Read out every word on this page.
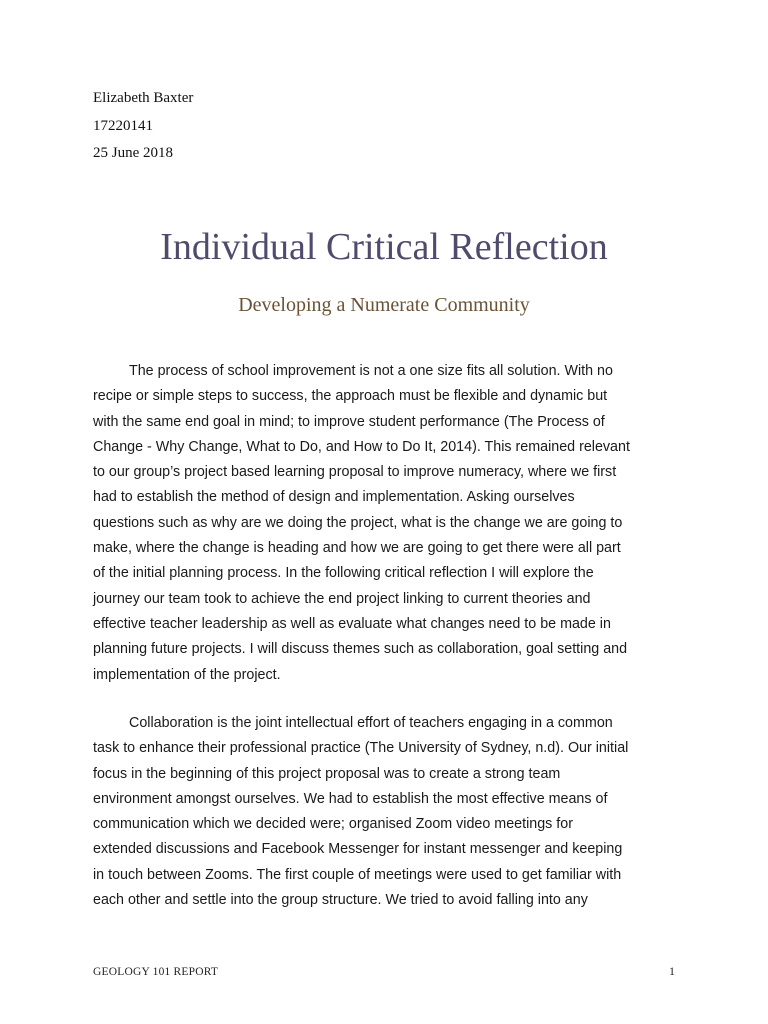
Elizabeth Baxter
17220141
25 June 2018
Individual Critical Reflection
Developing a Numerate Community
The process of school improvement is not a one size fits all solution. With no
recipe or simple steps to success, the approach must be flexible and dynamic but
with the same end goal in mind; to improve student performance (The Process of
Change - Why Change, What to Do, and How to Do It, 2014). This remained relevant
to our group’s project based learning proposal to improve numeracy, where we first
had to establish the method of design and implementation. Asking ourselves
questions such as why are we doing the project, what is the change we are going to
make, where the change is heading and how we are going to get there were all part
of the initial planning process. In the following critical reflection I will explore the
journey our team took to achieve the end project linking to current theories and
effective teacher leadership as well as evaluate what changes need to be made in
planning future projects. I will discuss themes such as collaboration, goal setting and
implementation of the project.
Collaboration is the joint intellectual effort of teachers engaging in a common
task to enhance their professional practice (The University of Sydney, n.d). Our initial
focus in the beginning of this project proposal was to create a strong team
environment amongst ourselves. We had to establish the most effective means of
communication which we decided were; organised Zoom video meetings for
extended discussions and Facebook Messenger for instant messenger and keeping
in touch between Zooms. The first couple of meetings were used to get familiar with
each other and settle into the group structure. We tried to avoid falling into any
GEOLOGY 101 REPORT	1
